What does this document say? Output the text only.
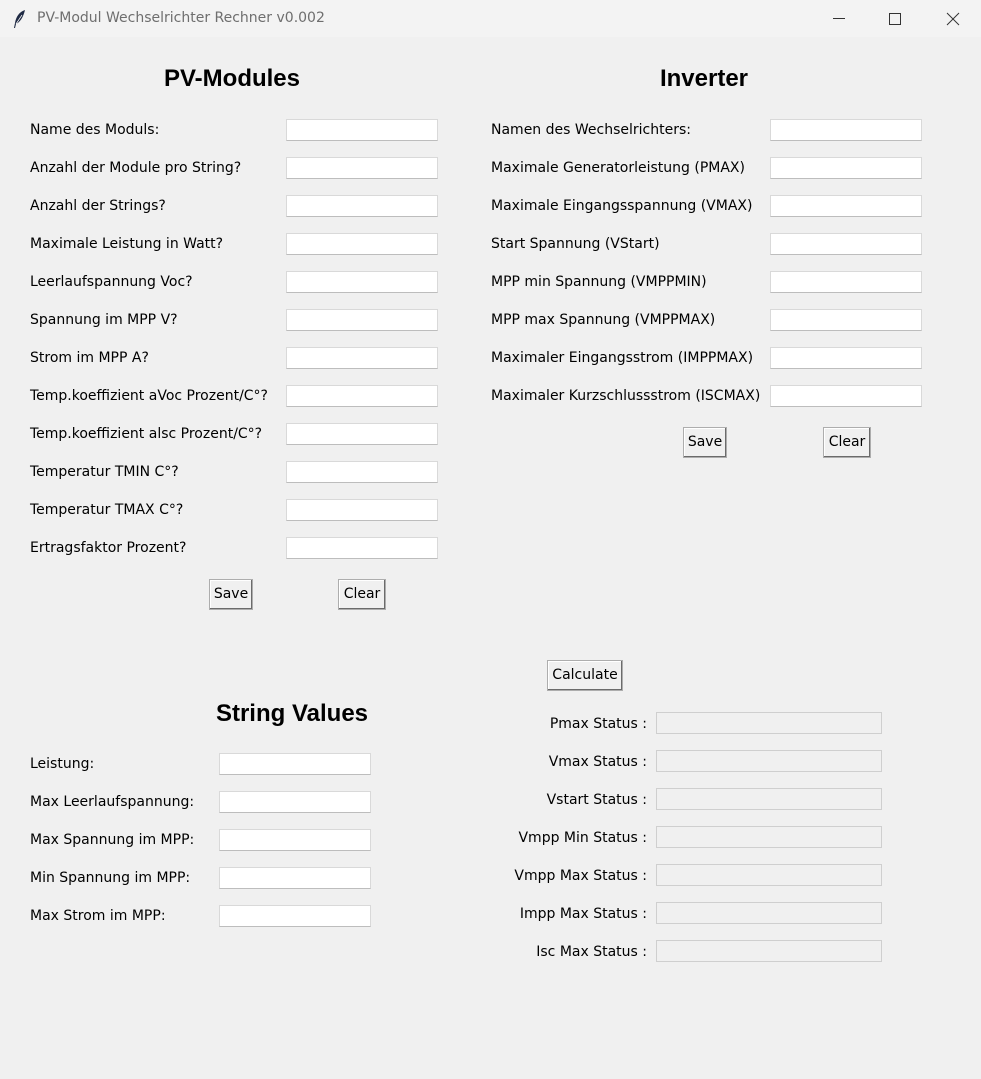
PV-Modul Wechselrichter Rechner v0.002
PV-Modules
Name des Moduls:
Anzahl der Module pro String?
Anzahl der Strings?
Maximale Leistung in Watt?
Leerlaufspannung Voc?
Spannung im MPP V?
Strom im MPP A?
Temp.koeffizient aVoc Prozent/C°?
Temp.koeffizient alsc Prozent/C°?
Temperatur TMIN C°?
Temperatur TMAX C°?
Ertragsfaktor Prozent?
Save	Clear
Inverter
Namen des Wechselrichters:
Maximale Generatorleistung (PMAX)
Maximale Eingangsspannung (VMAX)
Start Spannung (VStart)
MPP min Spannung (VMPPMIN)
MPP max Spannung (VMPPMAX)
Maximaler Eingangsstrom (IMPPMAX)
Maximaler Kurzschlussstrom (ISCMAX)
Save	Clear
Calculate
String Values
Leistung:
Max Leerlaufspannung:
Max Spannung im MPP:
Min Spannung im MPP:
Max Strom im MPP:
Pmax Status :
Vmax Status :
Vstart Status :
Vmpp Min Status :
Vmpp Max Status :
Impp Max Status :
Isc Max Status :
